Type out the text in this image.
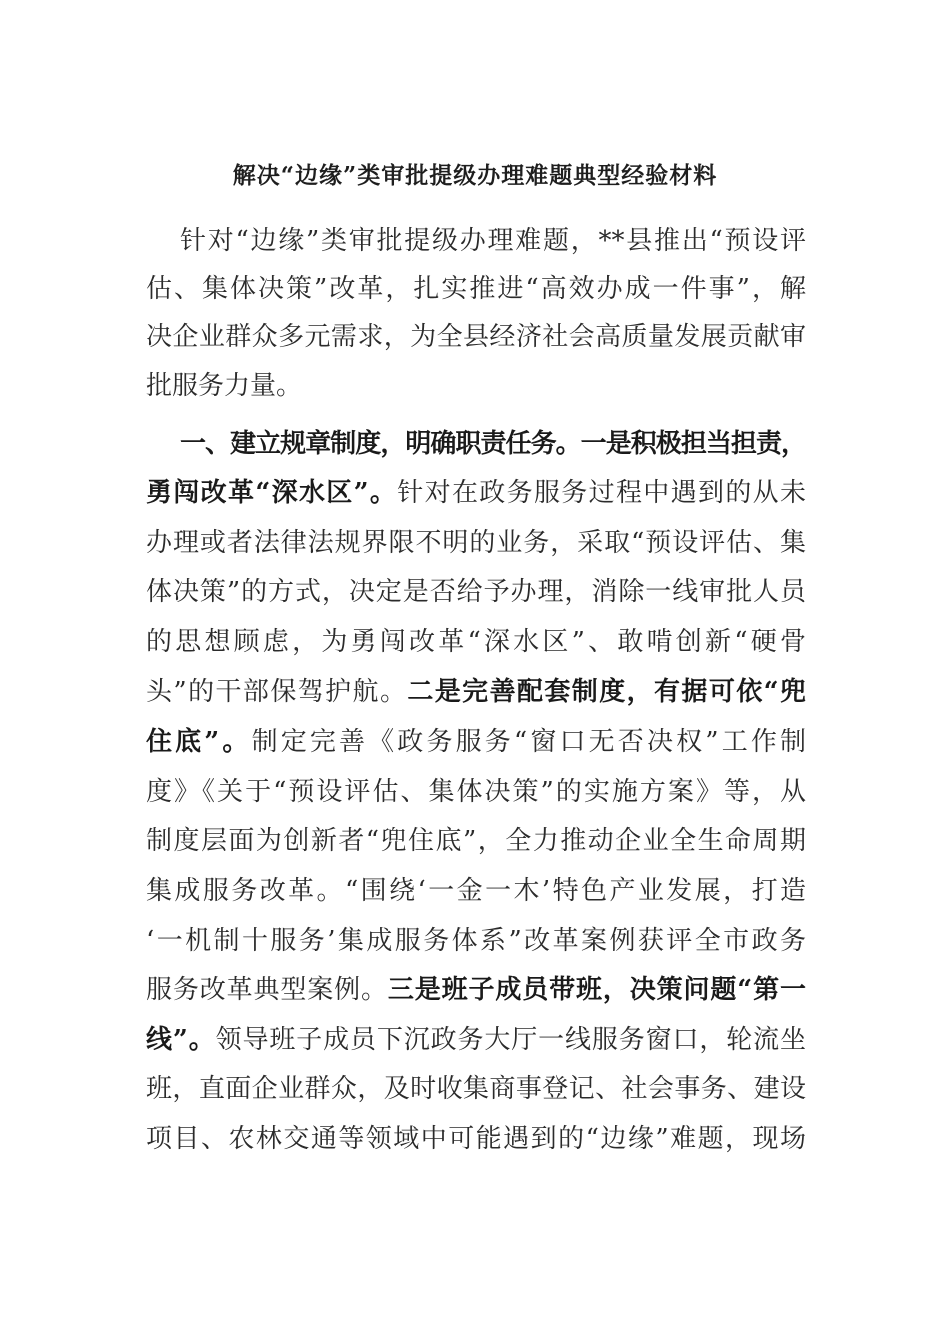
解决“边缘”类审批提级办理难题典型经验材料
针对“边缘”类审批提级办理难题，**县推出“预设评
估、集体决策”改革，扎实推进“高效办成一件事”，解
决企业群众多元需求，为全县经济社会高质量发展贡献审
批服务力量。
一、建立规章制度，明确职责任务。一是积极担当担责，
勇闯改革“深水区”。针对在政务服务过程中遇到的从未
办理或者法律法规界限不明的业务，采取“预设评估、集
体决策”的方式，决定是否给予办理，消除一线审批人员
的思想顾虑，为勇闯改革“深水区”、敢啃创新“硬骨
头”的干部保驾护航。二是完善配套制度，有据可依“兜
住底”。制定完善《政务服务“窗口无否决权”工作制
度》《关于“预设评估、集体决策”的实施方案》等，从
制度层面为创新者“兜住底”，全力推动企业全生命周期
集成服务改革。“围绕‘一金一木’特色产业发展，打造
‘一机制十服务’集成服务体系”改革案例获评全市政务
服务改革典型案例。三是班子成员带班，决策问题“第一
线”。领导班子成员下沉政务大厅一线服务窗口，轮流坐
班，直面企业群众，及时收集商事登记、社会事务、建设
项目、农林交通等领域中可能遇到的“边缘”难题，现场
